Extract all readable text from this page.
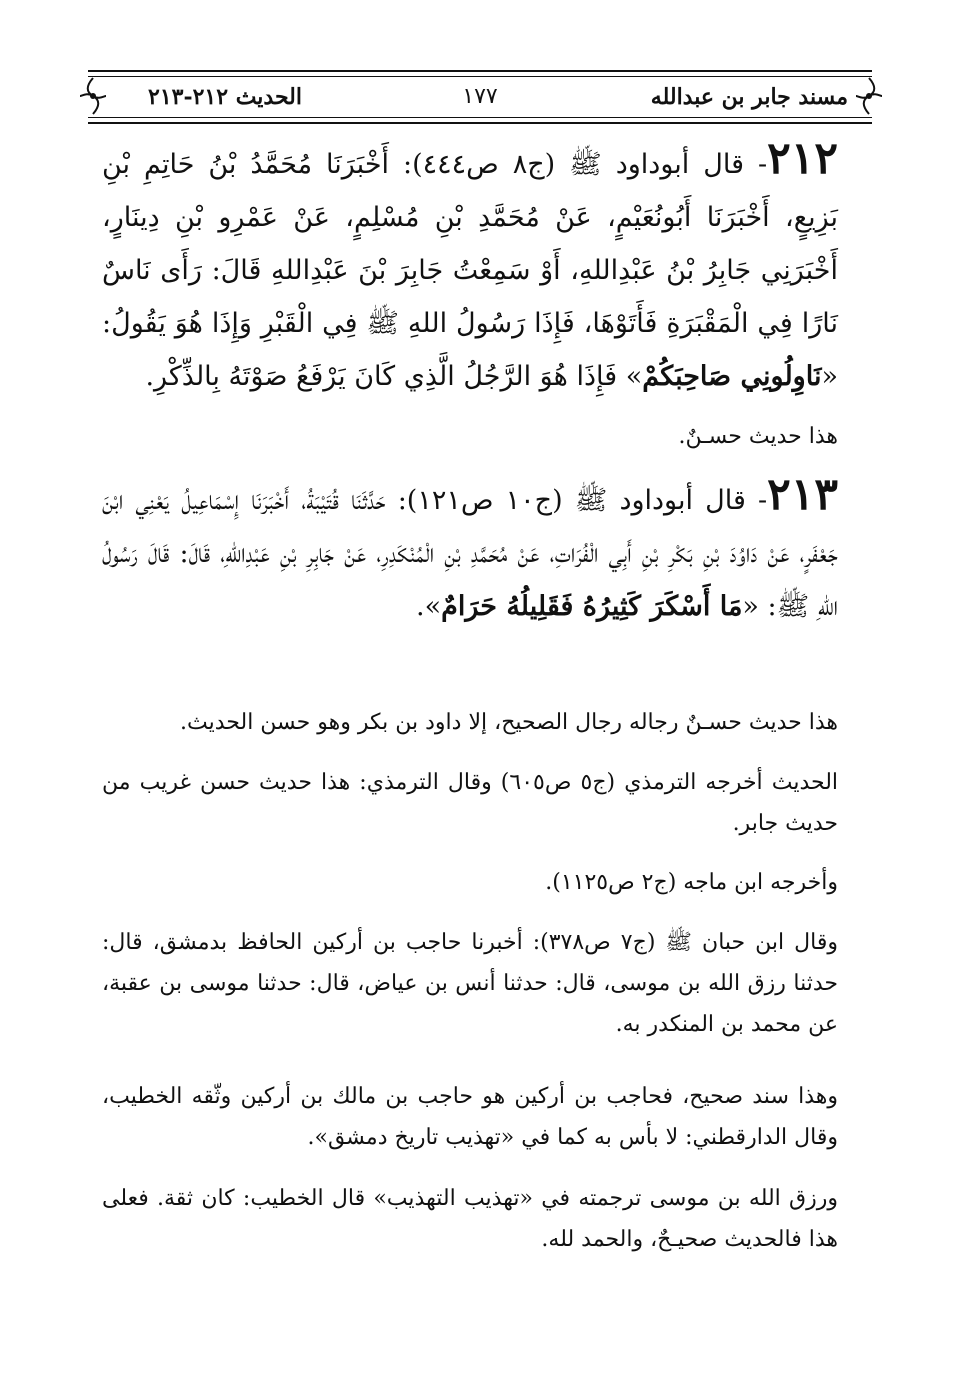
مسند جابر بن عبدالله
١٧٧
الحديث ٢١٢-٢١٣
٢١٢- قال أبوداود ﷺ (ج٨ ص٤٤٤): أَخْبَرَنَا مُحَمَّدُ بْنُ حَاتِمِ بْنِ بَزِيعٍ، أَخْبَرَنَا أَبُونُعَيْمٍ، عَنْ مُحَمَّدِ بْنِ مُسْلِمٍ، عَنْ عَمْرِو بْنِ دِينَارٍ، أَخْبَرَنِي جَابِرُ بْنُ عَبْدِاللهِ، أَوْ سَمِعْتُ جَابِرَ بْنَ عَبْدِاللهِ قَالَ: رَأَى نَاسٌ نَارًا فِي الْمَقْبَرَةِ فَأَتَوْهَا، فَإِذَا رَسُولُ اللهِ ﷺ فِي الْقَبْرِ وَإِذَا هُوَ يَقُولُ: «نَاوِلُونِي صَاحِبَكُمْ» فَإِذَا هُوَ الرَّجُلُ الَّذِي كَانَ يَرْفَعُ صَوْتَهُ بِالذِّكْرِ.
هذا حديث حسـنٌ.
٢١٣- قال أبوداود ﷺ (ج١٠ ص١٢١): حَدَّثَنَا قُتَيْبَةُ، أَخْبَرَنَا إِسْمَاعِيلُ يَعْنِي ابْنَ جَعْفَرٍ، عَنْ دَاوُدَ بْنِ بَكْرِ بْنِ أَبِي الْفُرَاتِ، عَنْ مُحَمَّدِ بْنِ الْمُنْكَدِرِ، عَنْ جَابِرِ بْنِ عَبْدِاللهِ، قَالَ: قَالَ رَسُولُ اللهِ ﷺ: «مَا أَسْكَرَ كَثِيرُهُ فَقَلِيلُهُ حَرَامٌ».
هذا حديث حسـنٌ رجاله رجال الصحيح، إلا داود بن بكر وهو حسن الحديث.
الحديث أخرجه الترمذي (ج٥ ص٦٠٥) وقال الترمذي: هذا حديث حسن غريب من حديث جابر.
وأخرجه ابن ماجه (ج٢ ص١١٢٥).
وقال ابن حبان ﷺ (ج٧ ص٣٧٨): أخبرنا حاجب بن أركين الحافظ بدمشق، قال: حدثنا رزق الله بن موسى، قال: حدثنا أنس بن عياض، قال: حدثنا موسى بن عقبة، عن محمد بن المنكدر به.
وهذا سند صحيح، فحاجب بن أركين هو حاجب بن مالك بن أركين وثّقه الخطيب، وقال الدارقطني: لا بأس به كما في «تهذيب تاريخ دمشق».
ورزق الله بن موسى ترجمته في «تهذيب التهذيب» قال الخطيب: كان ثقة. فعلى هذا فالحديث صحيـحٌ، والحمد لله.
